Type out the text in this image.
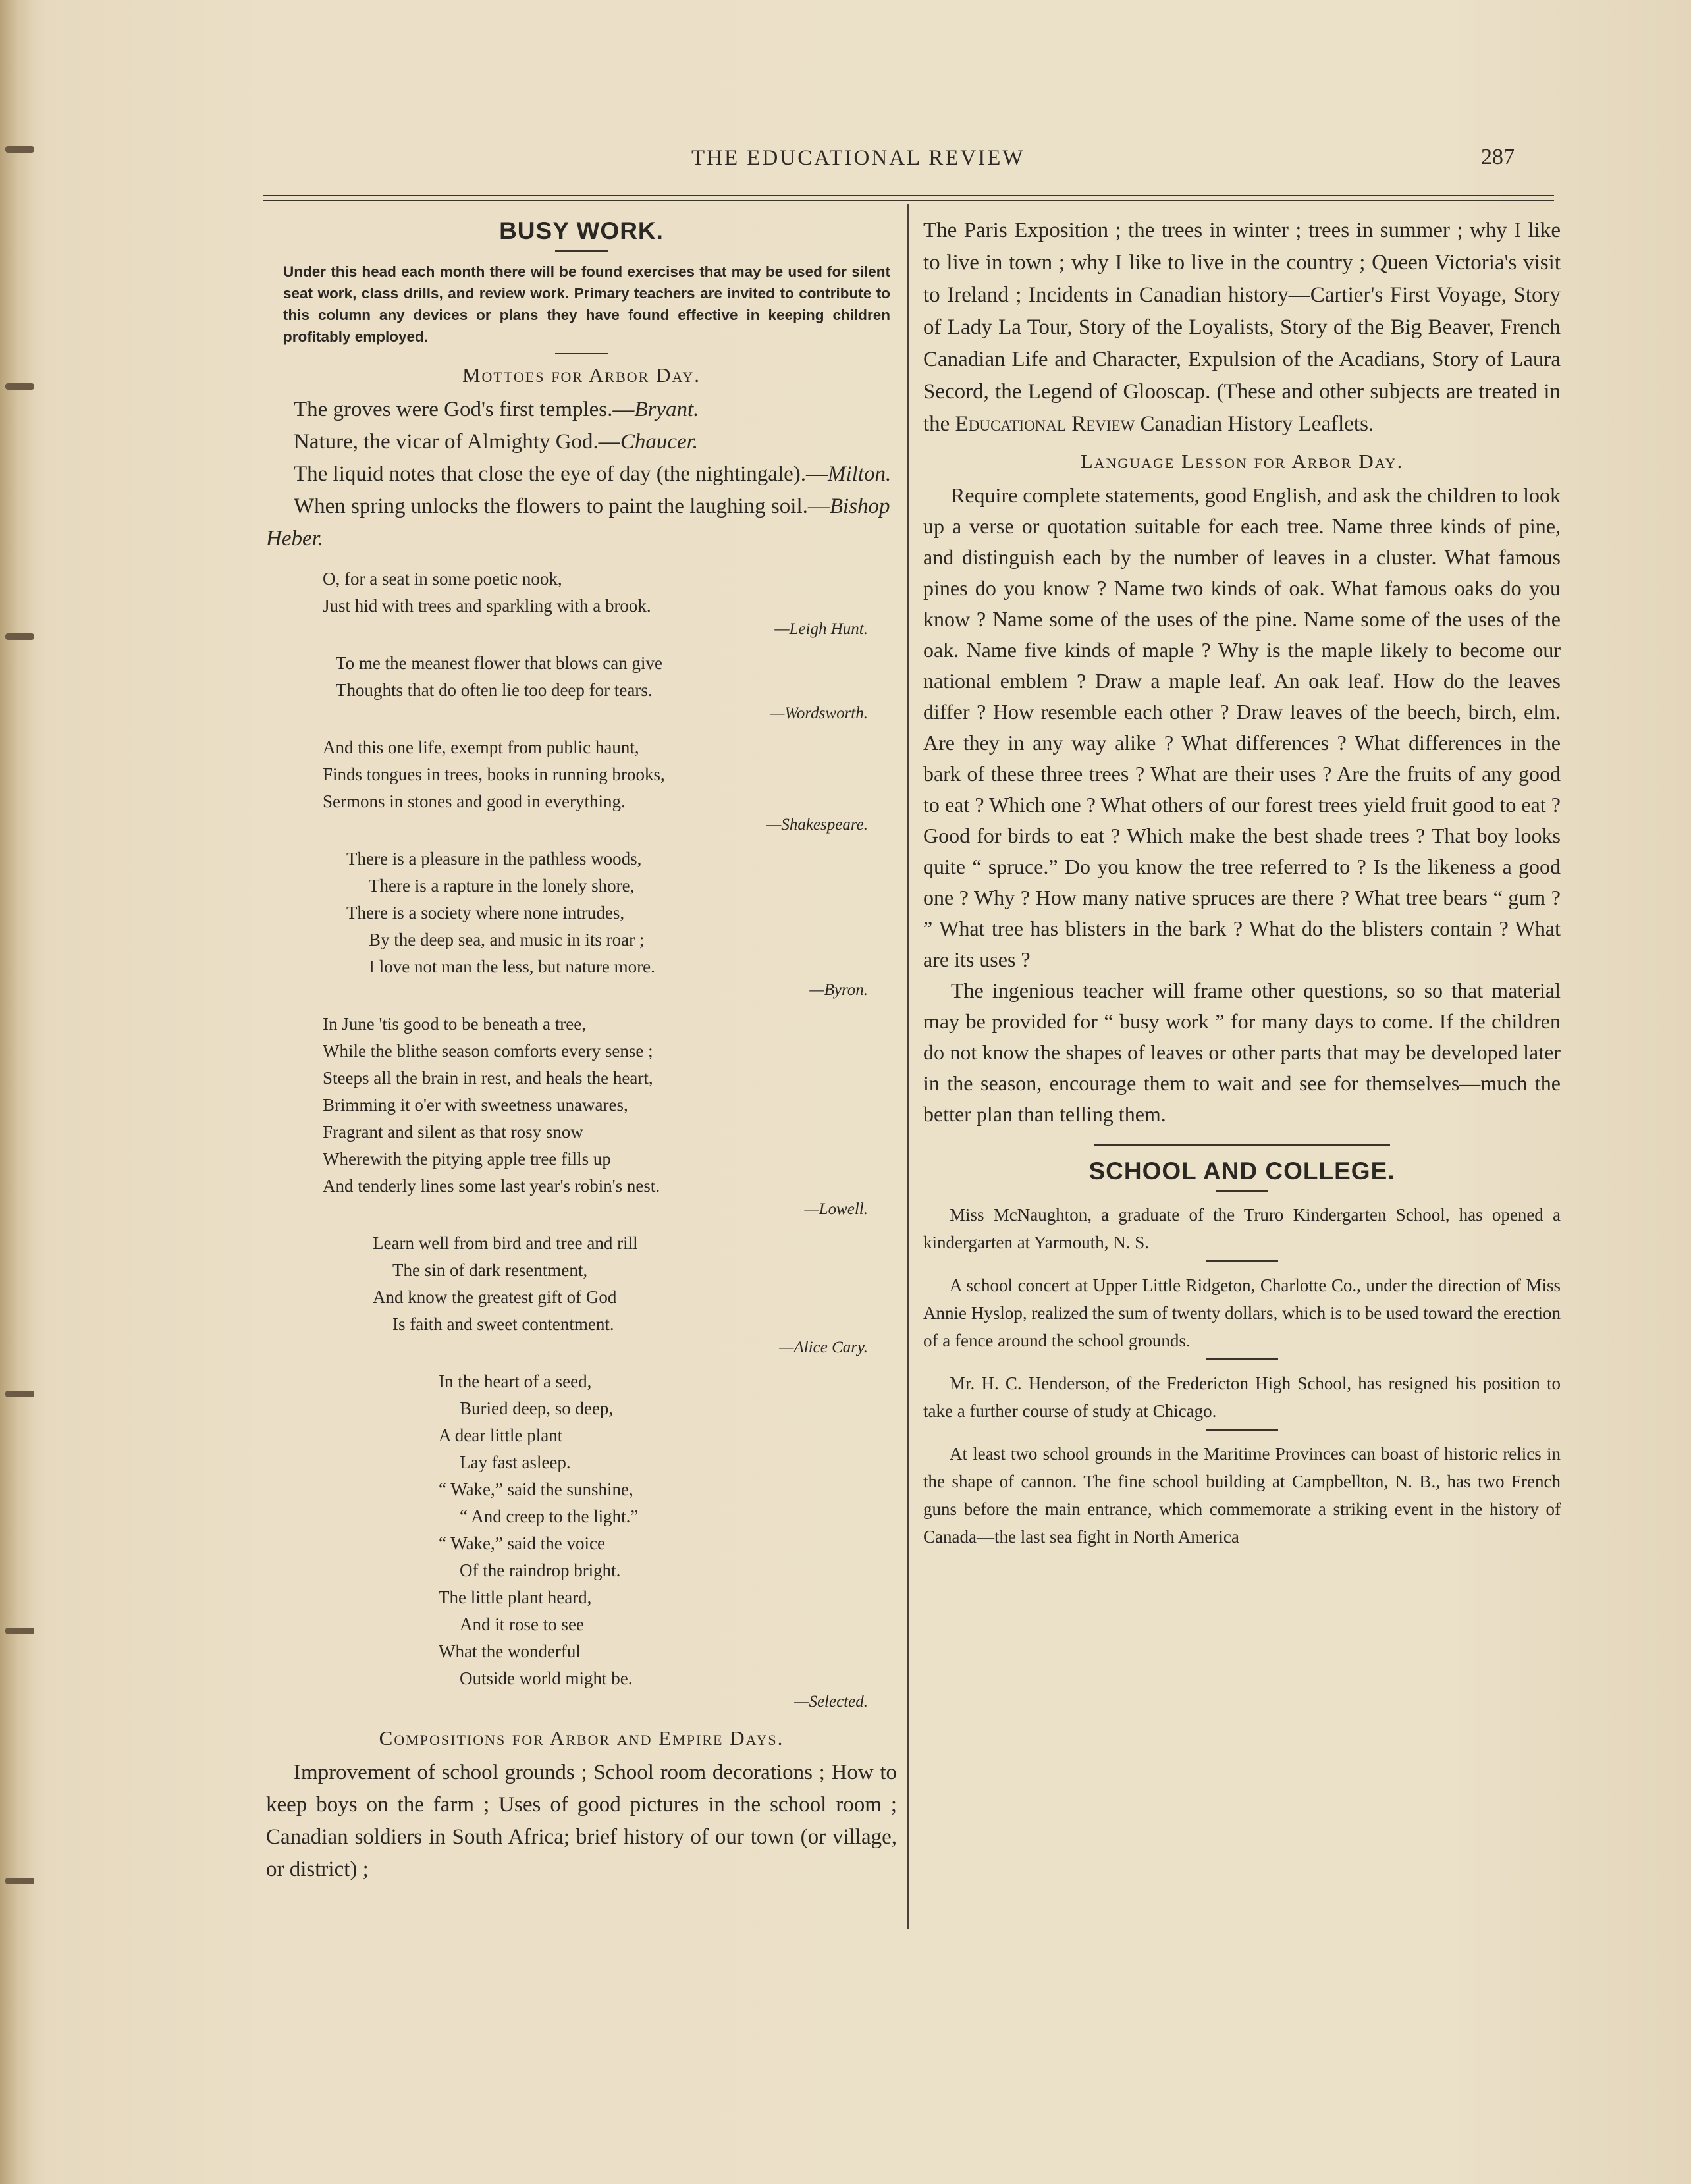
THE EDUCATIONAL REVIEW	287
BUSY WORK.

Under this head each month there will be found exercises that may be used for silent seat work, class drills, and review work. Primary teachers are invited to contribute to this column any devices or plans they have found effective in keeping children profitably employed.

Mottoes for Arbor Day.

The groves were God's first temples.—Bryant.

Nature, the vicar of Almighty God.—Chaucer.

The liquid notes that close the eye of day (the nightingale).—Milton.

When spring unlocks the flowers to paint the laughing soil.—Bishop Heber.

O, for a seat in some poetic nook,
Just hid with trees and sparkling with a brook.
—Leigh Hunt.
To me the meanest flower that blows can give
Thoughts that do often lie too deep for tears.
—Wordsworth.
And this one life, exempt from public haunt,
Finds tongues in trees, books in running brooks,
Sermons in stones and good in everything.
—Shakespeare.
There is a pleasure in the pathless woods,
There is a rapture in the lonely shore,
There is a society where none intrudes,
By the deep sea, and music in its roar ;
I love not man the less, but nature more.
—Byron.
In June 'tis good to be beneath a tree,
While the blithe season comforts every sense ;
Steeps all the brain in rest, and heals the heart,
Brimming it o'er with sweetness unawares,
Fragrant and silent as that rosy snow
Wherewith the pitying apple tree fills up
And tenderly lines some last year's robin's nest.
—Lowell.
Learn well from bird and tree and rill
The sin of dark resentment,
And know the greatest gift of God
Is faith and sweet contentment.
—Alice Cary.
In the heart of a seed,
Buried deep, so deep,
A dear little plant
Lay fast asleep.
“ Wake,” said the sunshine,
“ And creep to the light.”
“ Wake,” said the voice
Of the raindrop bright.
The little plant heard,
And it rose to see
What the wonderful
Outside world might be.
—Selected.
Compositions for Arbor and Empire Days.

Improvement of school grounds ; School room decorations ; How to keep boys on the farm ; Uses of good pictures in the school room ; Canadian soldiers in South Africa; brief history of our town (or village, or district) ;

The Paris Exposition ; the trees in winter ; trees in summer ; why I like to live in town ; why I like to live in the country ; Queen Victoria's visit to Ireland ; Incidents in Canadian history—Cartier's First Voyage, Story of Lady La Tour, Story of the Loyalists, Story of the Big Beaver, French Canadian Life and Character, Expulsion of the Acadians, Story of Laura Secord, the Legend of Glooscap. (These and other subjects are treated in the Educational Review Canadian History Leaflets.

Language Lesson for Arbor Day.

Require complete statements, good English, and ask the children to look up a verse or quotation suitable for each tree. Name three kinds of pine, and distinguish each by the number of leaves in a cluster. What famous pines do you know ? Name two kinds of oak. What famous oaks do you know ? Name some of the uses of the pine. Name some of the uses of the oak. Name five kinds of maple ? Why is the maple likely to become our national emblem ? Draw a maple leaf. An oak leaf. How do the leaves differ ? How resemble each other ? Draw leaves of the beech, birch, elm. Are they in any way alike ? What differences ? What differences in the bark of these three trees ? What are their uses ? Are the fruits of any good to eat ? Which one ? What others of our forest trees yield fruit good to eat ? Good for birds to eat ? Which make the best shade trees ? That boy looks quite “ spruce.” Do you know the tree referred to ? Is the likeness a good one ? Why ? How many native spruces are there ? What tree bears “ gum ? ” What tree has blisters in the bark ? What do the blisters contain ? What are its uses ?

The ingenious teacher will frame other questions, so so that material may be provided for “ busy work ” for many days to come. If the children do not know the shapes of leaves or other parts that may be developed later in the season, encourage them to wait and see for themselves—much the better plan than telling them.

SCHOOL AND COLLEGE.

Miss McNaughton, a graduate of the Truro Kindergarten School, has opened a kindergarten at Yarmouth, N. S.

A school concert at Upper Little Ridgeton, Charlotte Co., under the direction of Miss Annie Hyslop, realized the sum of twenty dollars, which is to be used toward the erection of a fence around the school grounds.

Mr. H. C. Henderson, of the Fredericton High School, has resigned his position to take a further course of study at Chicago.

At least two school grounds in the Maritime Provinces can boast of historic relics in the shape of cannon. The fine school building at Campbellton, N. B., has two French guns before the main entrance, which commemorate a striking event in the history of Canada—the last sea fight in North America
